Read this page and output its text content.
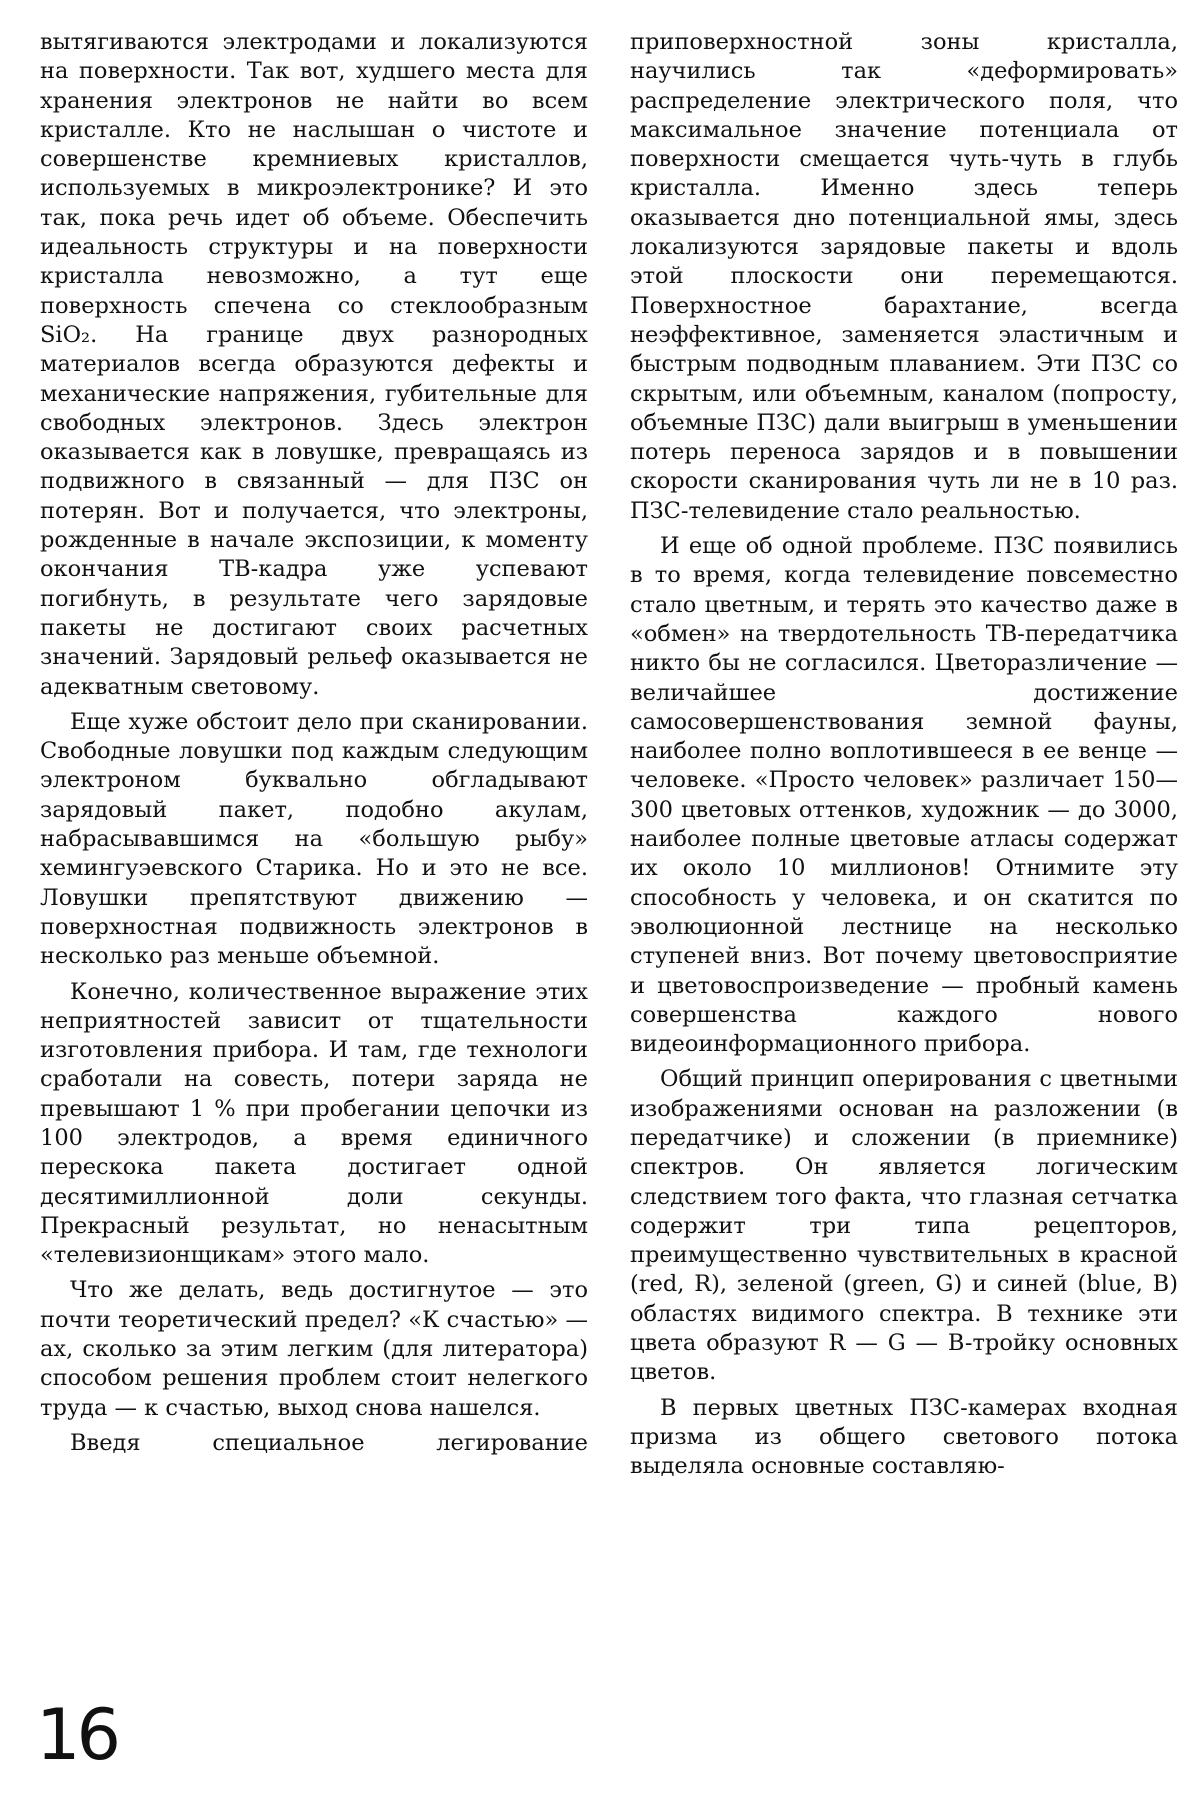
вытягиваются электродами и локализуются на поверхности. Так вот, худшего места для хранения электронов не найти во всем кристалле. Кто не наслышан о чистоте и совершенстве кремниевых кристаллов, используемых в микроэлектронике? И это так, пока речь идет об объеме. Обеспечить идеальность структуры и на поверхности кристалла невозможно, а тут еще поверхность спечена со стеклообразным SiO₂. На границе двух разнородных материалов всегда образуются дефекты и механические напряжения, губительные для свободных электронов. Здесь электрон оказывается как в ловушке, превращаясь из подвижного в связанный — для ПЗС он потерян. Вот и получается, что электроны, рожденные в начале экспозиции, к моменту окончания ТВ-кадра уже успевают погибнуть, в результате чего зарядовые пакеты не достигают своих расчетных значений. Зарядовый рельеф оказывается не адекватным световому.

Еще хуже обстоит дело при сканировании. Свободные ловушки под каждым следующим электроном буквально обгладывают зарядовый пакет, подобно акулам, набрасывавшимся на «большую рыбу» хемингуэевского Старика. Но и это не все. Ловушки препятствуют движению — поверхностная подвижность электронов в несколько раз меньше объемной.

Конечно, количественное выражение этих неприятностей зависит от тщательности изготовления прибора. И там, где технологи сработали на совесть, потери заряда не превышают 1 % при пробегании цепочки из 100 электродов, а время единичного перескока пакета достигает одной десятимиллионной доли секунды. Прекрасный результат, но ненасытным «телевизионщикам» этого мало.

Что же делать, ведь достигнутое — это почти теоретический предел? «К счастью» — ах, сколько за этим легким (для литератора) способом решения проблем стоит нелегкого труда — к счастью, выход снова нашелся.

Введя специальное легирование

приповерхностной зоны кристалла, научились так «деформировать» распределение электрического поля, что максимальное значение потенциала от поверхности смещается чуть-чуть в глубь кристалла. Именно здесь теперь оказывается дно потенциальной ямы, здесь локализуются зарядовые пакеты и вдоль этой плоскости они перемещаются. Поверхностное барахтание, всегда неэффективное, заменяется эластичным и быстрым подводным плаванием. Эти ПЗС со скрытым, или объемным, каналом (попросту, объемные ПЗС) дали выигрыш в уменьшении потерь переноса зарядов и в повышении скорости сканирования чуть ли не в 10 раз. ПЗС-телевидение стало реальностью.

И еще об одной проблеме. ПЗС появились в то время, когда телевидение повсеместно стало цветным, и терять это качество даже в «обмен» на твердотельность ТВ-передатчика никто бы не согласился. Цветоразличение — величайшее достижение самосовершенствования земной фауны, наиболее полно воплотившееся в ее венце — человеке. «Просто человек» различает 150—300 цветовых оттенков, художник — до 3000, наиболее полные цветовые атласы содержат их около 10 миллионов! Отнимите эту способность у человека, и он скатится по эволюционной лестнице на несколько ступеней вниз. Вот почему цветовосприятие и цветовоспроизведение — пробный камень совершенства каждого нового видеоинформационного прибора.

Общий принцип оперирования с цветными изображениями основан на разложении (в передатчике) и сложении (в приемнике) спектров. Он является логическим следствием того факта, что глазная сетчатка содержит три типа рецепторов, преимущественно чувствительных в красной (red, R), зеленой (green, G) и синей (blue, B) областях видимого спектра. В технике эти цвета образуют R — G — B-тройку основных цветов.

В первых цветных ПЗС-камерах входная призма из общего светового потока выделяла основные составляю-

16
